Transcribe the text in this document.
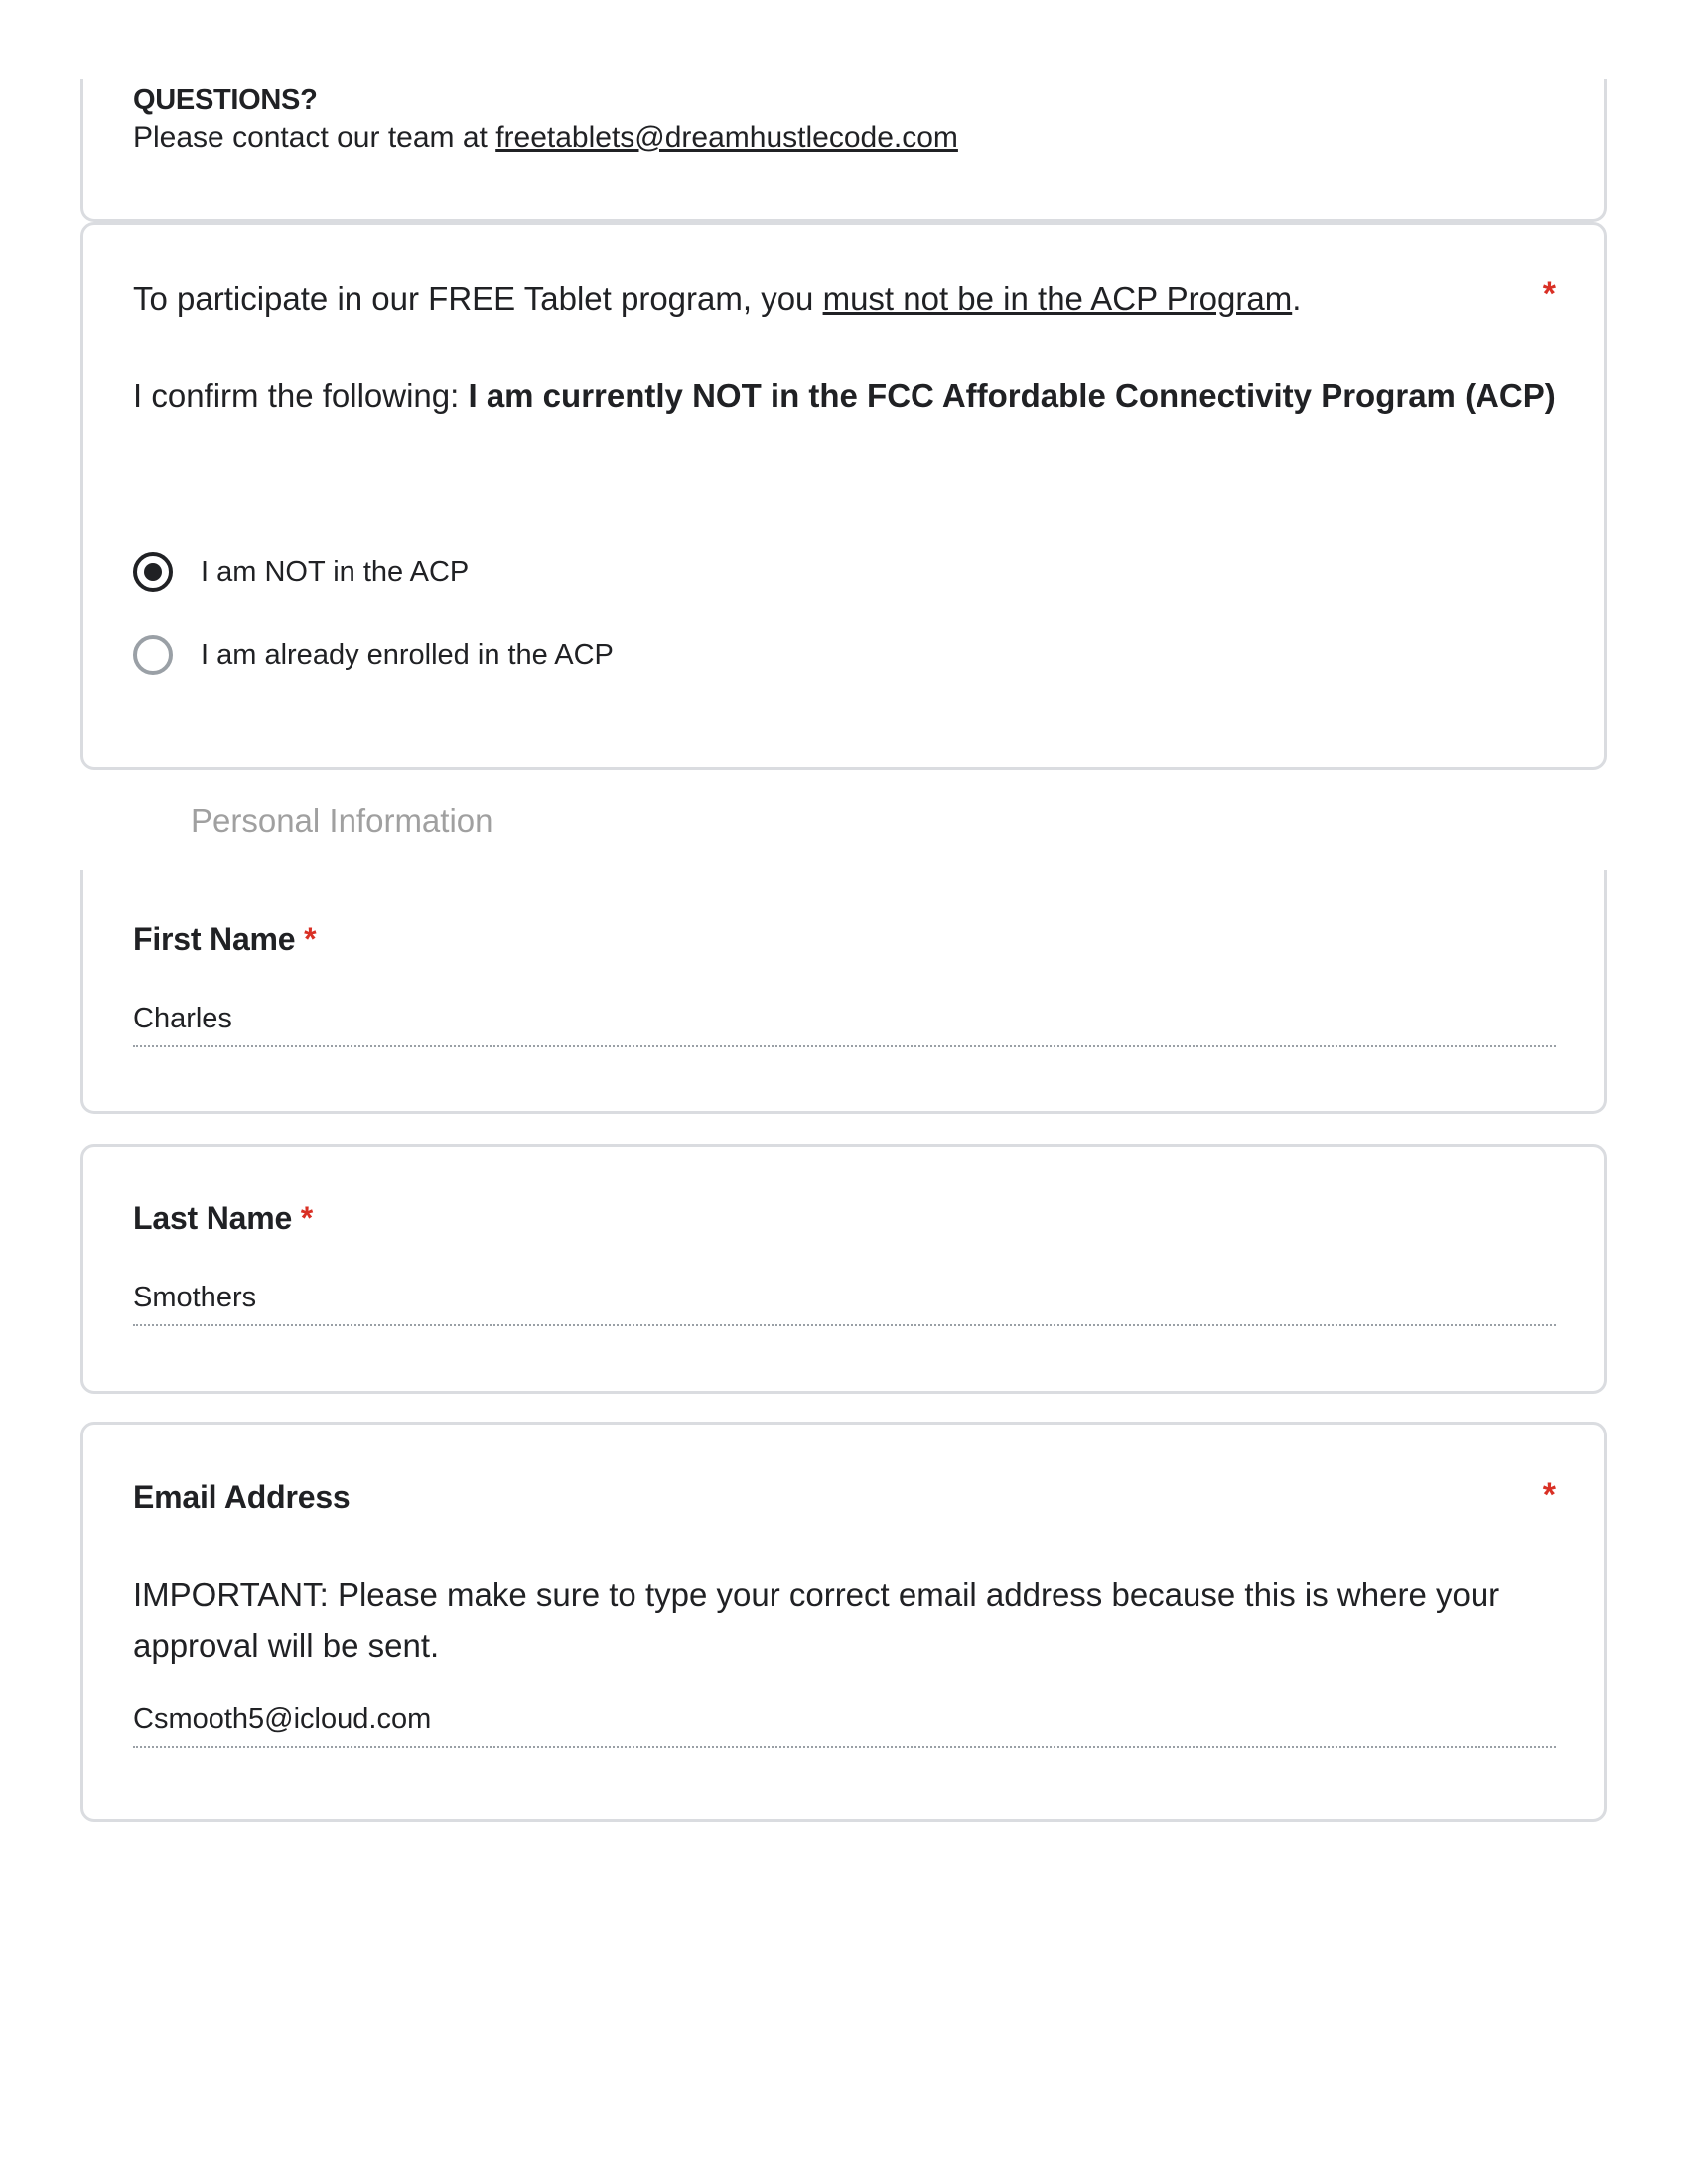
QUESTIONS?
Please contact our team at freetablets@dreamhustlecode.com
To participate in our FREE Tablet program, you must not be in the ACP Program.	*
I confirm the following: I am currently NOT in the FCC Affordable Connectivity Program (ACP)
I am NOT in the ACP
I am already enrolled in the ACP
Personal Information
First Name *
Charles
Last Name *
Smothers
Email Address	*
IMPORTANT: Please make sure to type your correct email address because this is where your approval will be sent.
Csmooth5@icloud.com
